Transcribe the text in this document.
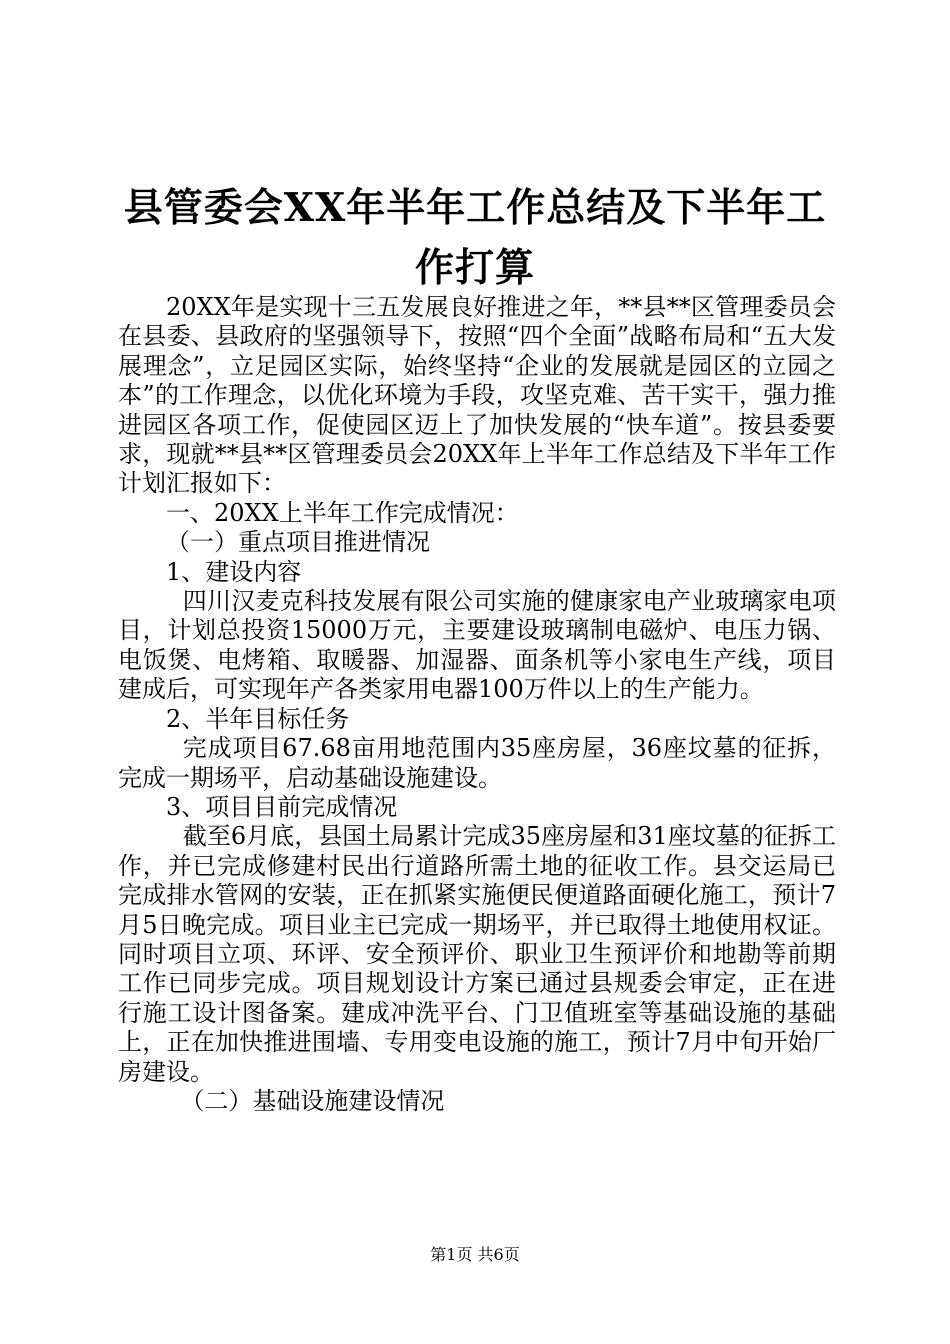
县管委会XX年半年工作总结及下半年工作打算

20XX年是实现十三五发展良好推进之年，**县**区管理委员会在县委、县政府的坚强领导下，按照“四个全面”战略布局和“五大发展理念”，立足园区实际，始终坚持“企业的发展就是园区的立园之本”的工作理念，以优化环境为手段，攻坚克难、苦干实干，强力推进园区各项工作，促使园区迈上了加快发展的“快车道”。按县委要求，现就**县**区管理委员会20XX年上半年工作总结及下半年工作计划汇报如下：

一、20XX上半年工作完成情况：

（一）重点项目推进情况

1、建设内容

四川汉麦克科技发展有限公司实施的健康家电产业玻璃家电项目，计划总投资15000万元，主要建设玻璃制电磁炉、电压力锅、电饭煲、电烤箱、取暖器、加湿器、面条机等小家电生产线，项目建成后，可实现年产各类家用电器100万件以上的生产能力。

2、半年目标任务

完成项目67.68亩用地范围内35座房屋，36座坟墓的征拆，完成一期场平，启动基础设施建设。

3、项目目前完成情况

截至6月底，县国土局累计完成35座房屋和31座坟墓的征拆工作，并已完成修建村民出行道路所需土地的征收工作。县交运局已完成排水管网的安装，正在抓紧实施便民便道路面硬化施工，预计7月5日晚完成。项目业主已完成一期场平，并已取得土地使用权证。同时项目立项、环评、安全预评价、职业卫生预评价和地勘等前期工作已同步完成。项目规划设计方案已通过县规委会审定，正在进行施工设计图备案。建成冲洗平台、门卫值班室等基础设施的基础上，正在加快推进围墙、专用变电设施的施工，预计7月中旬开始厂房建设。

（二）基础设施建设情况

第1页 共6页
